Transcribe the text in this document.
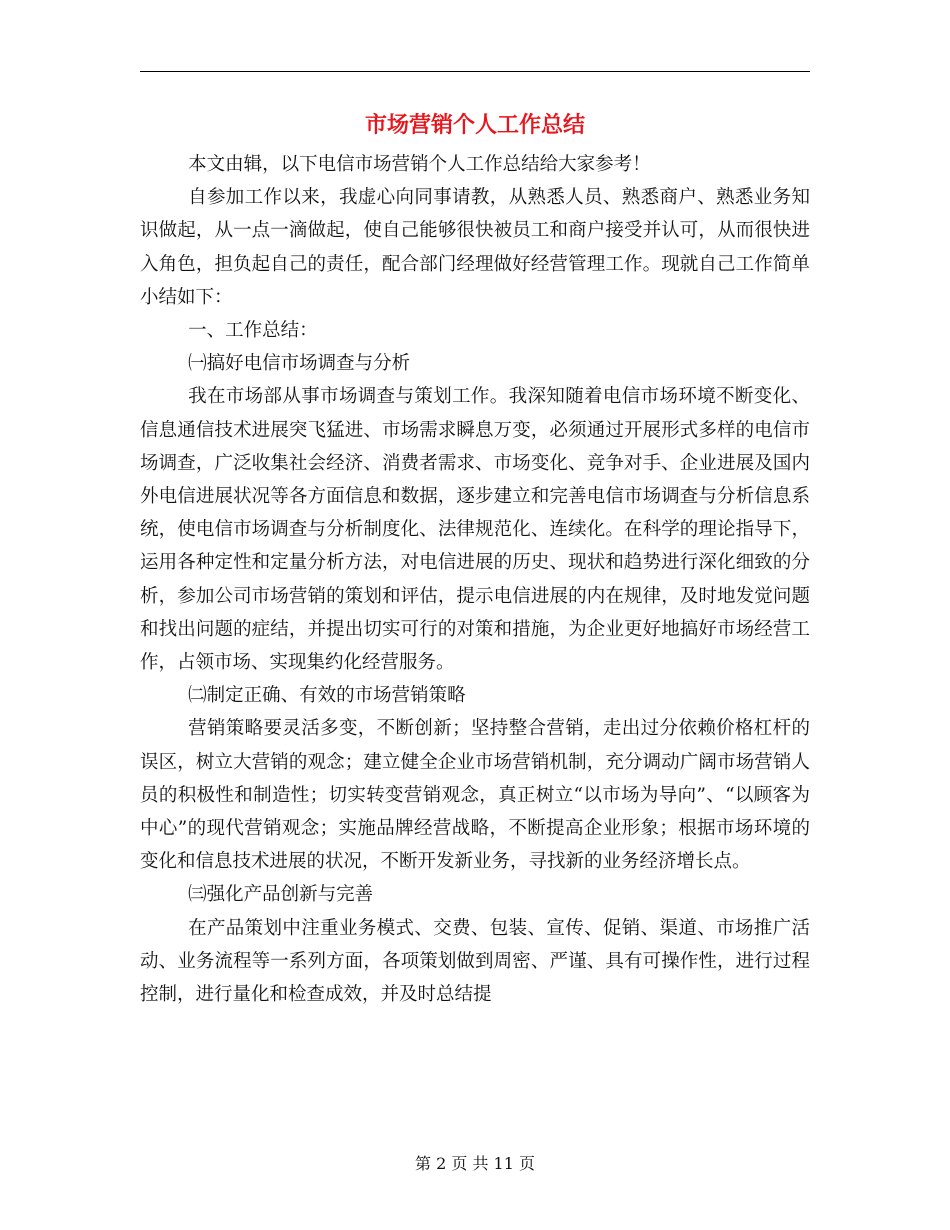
市场营销个人工作总结

本文由辑，以下电信市场营销个人工作总结给大家参考！

自参加工作以来，我虚心向同事请教，从熟悉人员、熟悉商户、熟悉业务知识做起，从一点一滴做起，使自己能够很快被员工和商户接受并认可，从而很快进入角色，担负起自己的责任，配合部门经理做好经营管理工作。现就自己工作简单小结如下：

一、工作总结：

㈠搞好电信市场调查与分析

我在市场部从事市场调查与策划工作。我深知随着电信市场环境不断变化、信息通信技术进展突飞猛进、市场需求瞬息万变，必须通过开展形式多样的电信市场调查，广泛收集社会经济、消费者需求、市场变化、竞争对手、企业进展及国内外电信进展状况等各方面信息和数据，逐步建立和完善电信市场调查与分析信息系统，使电信市场调查与分析制度化、法律规范化、连续化。在科学的理论指导下，运用各种定性和定量分析方法，对电信进展的历史、现状和趋势进行深化细致的分析，参加公司市场营销的策划和评估，提示电信进展的内在规律，及时地发觉问题和找出问题的症结，并提出切实可行的对策和措施，为企业更好地搞好市场经营工作，占领市场、实现集约化经营服务。

㈡制定正确、有效的市场营销策略

营销策略要灵活多变，不断创新；坚持整合营销，走出过分依赖价格杠杆的误区，树立大营销的观念；建立健全企业市场营销机制，充分调动广阔市场营销人员的积极性和制造性；切实转变营销观念，真正树立“以市场为导向”、“以顾客为中心”的现代营销观念；实施品牌经营战略，不断提高企业形象；根据市场环境的变化和信息技术进展的状况，不断开发新业务，寻找新的业务经济增长点。

㈢强化产品创新与完善

在产品策划中注重业务模式、交费、包装、宣传、促销、渠道、市场推广活动、业务流程等一系列方面，各项策划做到周密、严谨、具有可操作性，进行过程控制，进行量化和检查成效，并及时总结提

第 2 页 共 11 页
